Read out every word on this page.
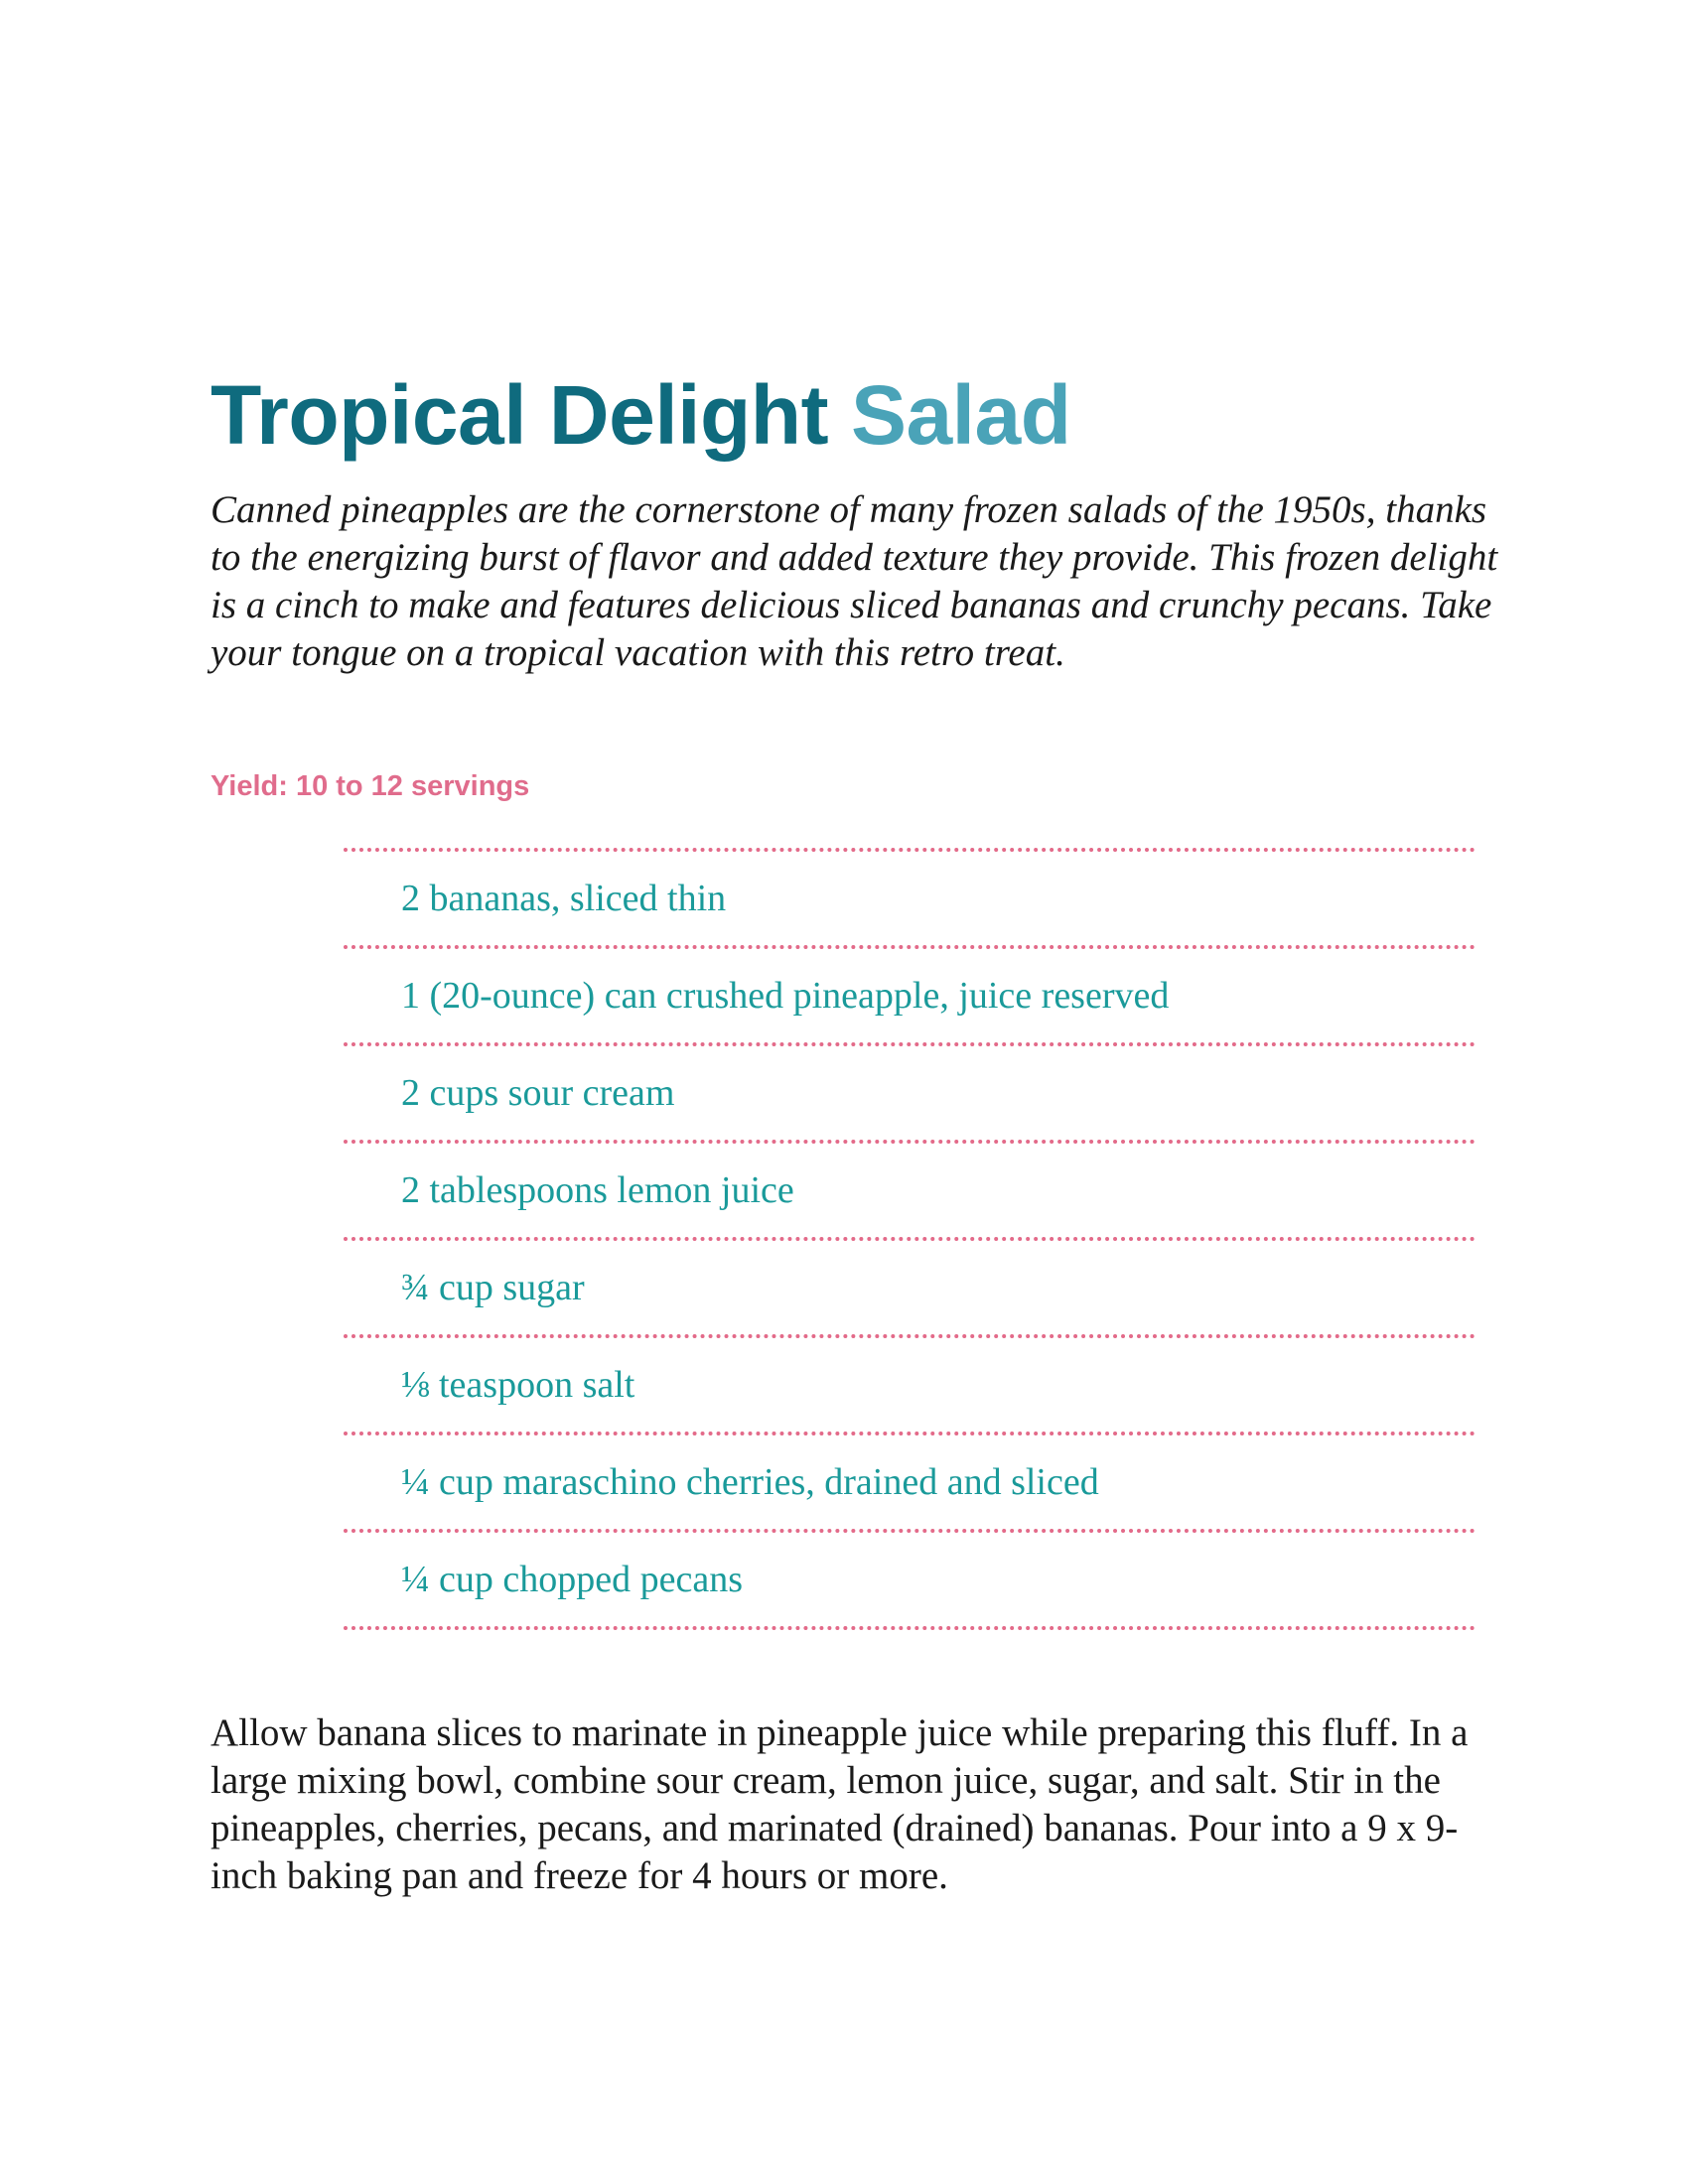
Tropical Delight Salad

Canned pineapples are the cornerstone of many frozen salads of the 1950s, thanks to the energizing burst of flavor and added texture they provide. This frozen delight is a cinch to make and features delicious sliced bananas and crunchy pecans. Take your tongue on a tropical vacation with this retro treat.

Yield: 10 to 12 servings

2 bananas, sliced thin
1 (20-ounce) can crushed pineapple, juice reserved
2 cups sour cream
2 tablespoons lemon juice
¾ cup sugar
⅛ teaspoon salt
¼ cup maraschino cherries, drained and sliced
¼ cup chopped pecans

Allow banana slices to marinate in pineapple juice while preparing this fluff. In a large mixing bowl, combine sour cream, lemon juice, sugar, and salt. Stir in the pineapples, cherries, pecans, and marinated (drained) bananas. Pour into a 9 x 9-inch baking pan and freeze for 4 hours or more.
